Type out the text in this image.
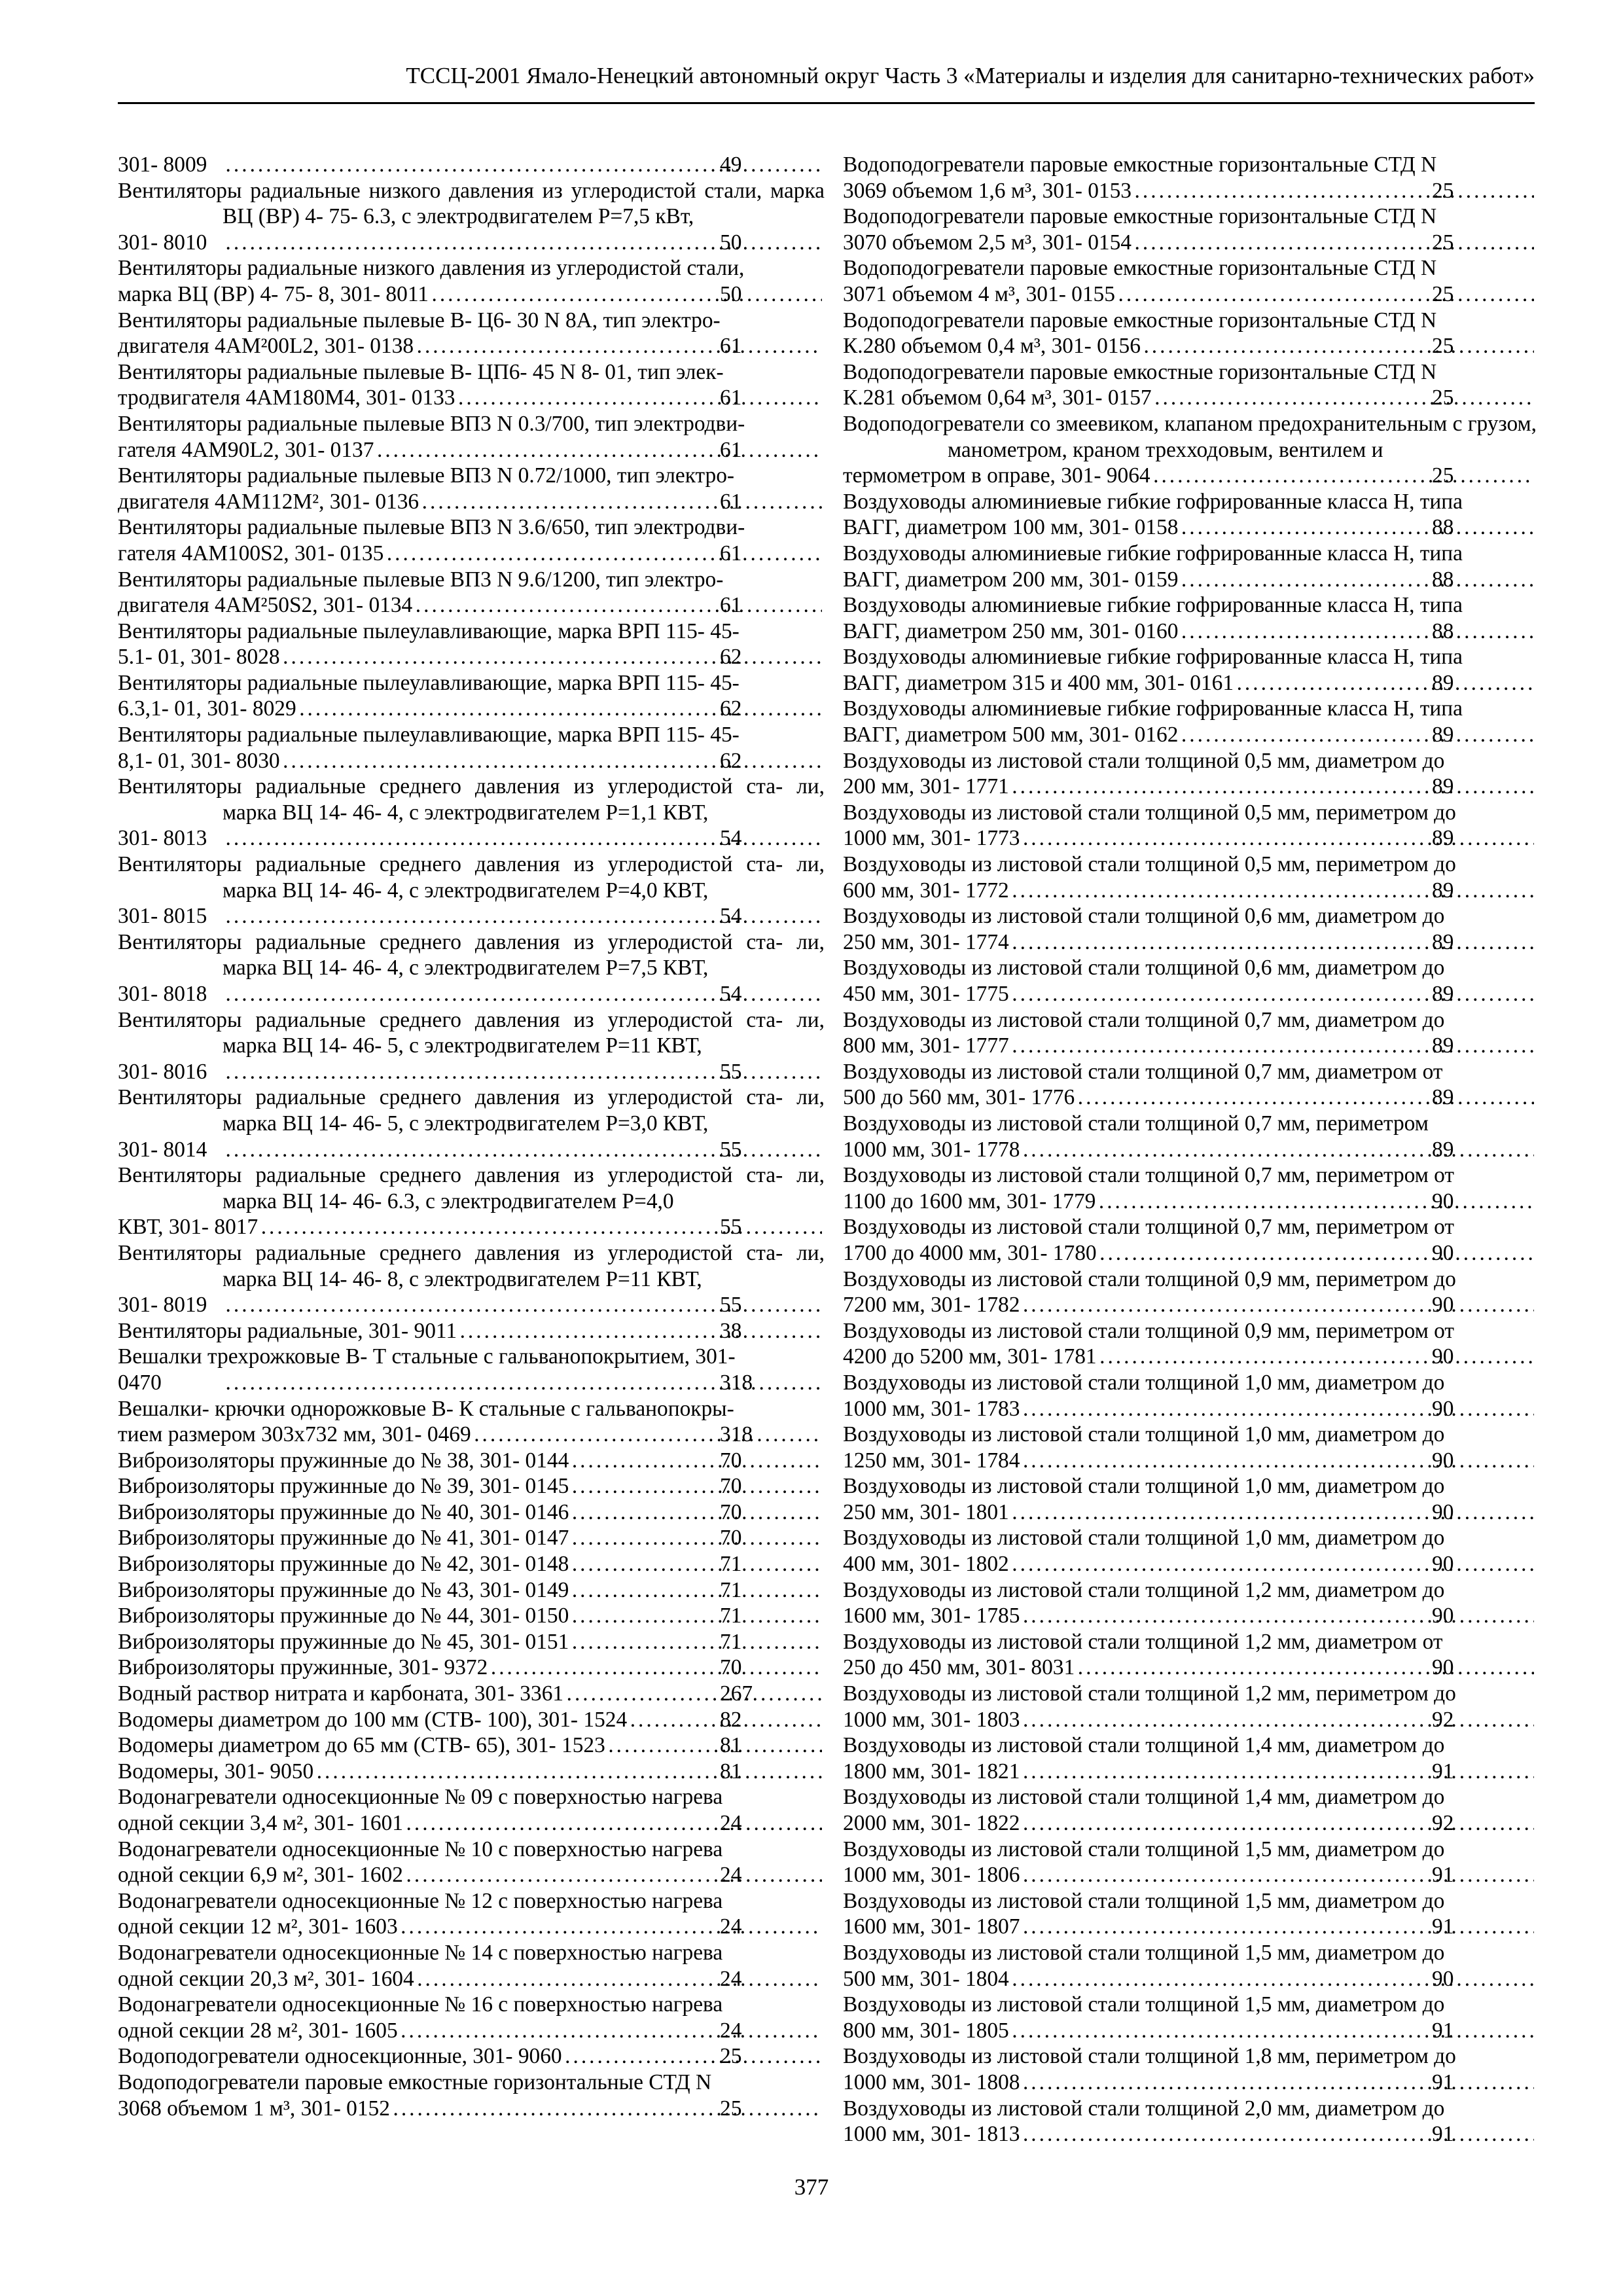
ТССЦ-2001 Ямало-Ненецкий автономный округ Часть 3 «Материалы и изделия для санитарно-технических работ»
301- 8009 .....	49
Вентиляторы радиальные низкого давления из углеродистой стали, марка ВЦ (ВР) 4- 75- 6.3, с электродвигателем Р=7,5 кВт,
301- 8010 .....	50
Вентиляторы радиальные низкого давления из углеродистой стали,
марка ВЦ (ВР) 4- 75- 8, 301- 8011 .....	50
Вентиляторы радиальные пылевые В- Ц6- 30 N 8А, тип электро-
двигателя 4АМ²00L2, 301- 0138 .....	61
Вентиляторы радиальные пылевые В- ЦП6- 45 N 8- 01, тип элек-
тродвигателя 4АМ180М4, 301- 0133 .....	61
Вентиляторы радиальные пылевые ВП3 N 0.3/700, тип электродви-
гателя 4АМ90L2, 301- 0137 .....	61
Вентиляторы радиальные пылевые ВП3 N 0.72/1000, тип электро-
двигателя 4АМ112М², 301- 0136 .....	61
Вентиляторы радиальные пылевые ВП3 N 3.6/650, тип электродви-
гателя 4АМ100S2, 301- 0135 .....	61
Вентиляторы радиальные пылевые ВП3 N 9.6/1200, тип электро-
двигателя 4АМ²50S2, 301- 0134 .....	61
Вентиляторы радиальные пылеулавливающие, марка ВРП 115- 45-
5.1- 01, 301- 8028 .....	62
Вентиляторы радиальные пылеулавливающие, марка ВРП 115- 45-
6.3,1- 01, 301- 8029 .....	62
Вентиляторы радиальные пылеулавливающие, марка ВРП 115- 45-
8,1- 01, 301- 8030 .....	62
Вентиляторы радиальные среднего давления из углеродистой ста- ли, марка ВЦ 14- 46- 4, с электродвигателем Р=1,1 КВТ,
301- 8013 .....	54
Вентиляторы радиальные среднего давления из углеродистой ста- ли, марка ВЦ 14- 46- 4, с электродвигателем Р=4,0 КВТ,
301- 8015 .....	54
Вентиляторы радиальные среднего давления из углеродистой ста- ли, марка ВЦ 14- 46- 4, с электродвигателем Р=7,5 КВТ,
301- 8018 .....	54
Вентиляторы радиальные среднего давления из углеродистой ста- ли, марка ВЦ 14- 46- 5, с электродвигателем Р=11 КВТ,
301- 8016 .....	55
Вентиляторы радиальные среднего давления из углеродистой ста- ли, марка ВЦ 14- 46- 5, с электродвигателем Р=3,0 КВТ,
301- 8014 .....	55
Вентиляторы радиальные среднего давления из углеродистой ста- ли, марка ВЦ 14- 46- 6.3, с электродвигателем Р=4,0
КВТ, 301- 8017 .....	55
Вентиляторы радиальные среднего давления из углеродистой ста- ли, марка ВЦ 14- 46- 8, с электродвигателем Р=11 КВТ,
301- 8019 .....	55
Вентиляторы радиальные, 301- 9011 .....	38
Вешалки трехрожковые В- Т стальные с гальванопокрытием, 301-
0470 .....	318
Вешалки- крючки однорожковые В- К стальные с гальванопокры-
тием размером 303х732 мм, 301- 0469 .....	318
Виброизоляторы пружинные до № 38, 301- 0144 .....	70
Виброизоляторы пружинные до № 39, 301- 0145 .....	70
Виброизоляторы пружинные до № 40, 301- 0146 .....	70
Виброизоляторы пружинные до № 41, 301- 0147 .....	70
Виброизоляторы пружинные до № 42, 301- 0148 .....	71
Виброизоляторы пружинные до № 43, 301- 0149 .....	71
Виброизоляторы пружинные до № 44, 301- 0150 .....	71
Виброизоляторы пружинные до № 45, 301- 0151 .....	71
Виброизоляторы пружинные, 301- 9372 .....	70
Водный раствор нитрата и карбоната, 301- 3361 .....	267
Водомеры диаметром до 100 мм (СТВ- 100), 301- 1524 .....	82
Водомеры диаметром до 65 мм (СТВ- 65), 301- 1523 .....	81
Водомеры, 301- 9050 .....	81
Водонагреватели односекционные № 09 с поверхностью нагрева
одной секции 3,4 м², 301- 1601 .....	24
Водонагреватели односекционные № 10 с поверхностью нагрева
одной секции 6,9 м², 301- 1602 .....	24
Водонагреватели односекционные № 12 с поверхностью нагрева
одной секции 12 м², 301- 1603 .....	24
Водонагреватели односекционные № 14 с поверхностью нагрева
одной секции 20,3 м², 301- 1604 .....	24
Водонагреватели односекционные № 16 с поверхностью нагрева
одной секции 28 м², 301- 1605 .....	24
Водоподогреватели односекционные, 301- 9060 .....	25
Водоподогреватели паровые емкостные горизонтальные СТД N
3068 объемом 1 м³, 301- 0152 .....	25
Водоподогреватели паровые емкостные горизонтальные СТД N
3069 объемом 1,6 м³, 301- 0153 .....	25
Водоподогреватели паровые емкостные горизонтальные СТД N
3070 объемом 2,5 м³, 301- 0154 .....	25
Водоподогреватели паровые емкостные горизонтальные СТД N
3071 объемом 4 м³, 301- 0155 .....	25
Водоподогреватели паровые емкостные горизонтальные СТД N
К.280 объемом 0,4 м³, 301- 0156 .....	25
Водоподогреватели паровые емкостные горизонтальные СТД N
К.281 объемом 0,64 м³, 301- 0157 .....	25
Водоподогреватели со змеевиком, клапаном предохранительным с грузом, манометром, краном трехходовым, вентилем и
термометром в оправе, 301- 9064 .....	25
Воздуховоды алюминиевые гибкие гофрированные класса Н, типа
ВАГГ, диаметром 100 мм, 301- 0158 .....	88
Воздуховоды алюминиевые гибкие гофрированные класса Н, типа
ВАГГ, диаметром 200 мм, 301- 0159 .....	88
Воздуховоды алюминиевые гибкие гофрированные класса Н, типа
ВАГГ, диаметром 250 мм, 301- 0160 .....	88
Воздуховоды алюминиевые гибкие гофрированные класса Н, типа
ВАГГ, диаметром 315 и 400 мм, 301- 0161 .....	89
Воздуховоды алюминиевые гибкие гофрированные класса Н, типа
ВАГГ, диаметром 500 мм, 301- 0162 .....	89
Воздуховоды из листовой стали толщиной 0,5 мм, диаметром до
200 мм, 301- 1771 .....	89
Воздуховоды из листовой стали толщиной 0,5 мм, периметром до
1000 мм, 301- 1773 .....	89
Воздуховоды из листовой стали толщиной 0,5 мм, периметром до
600 мм, 301- 1772 .....	89
Воздуховоды из листовой стали толщиной 0,6 мм, диаметром до
250 мм, 301- 1774 .....	89
Воздуховоды из листовой стали толщиной 0,6 мм, диаметром до
450 мм, 301- 1775 .....	89
Воздуховоды из листовой стали толщиной 0,7 мм, диаметром до
800 мм, 301- 1777 .....	89
Воздуховоды из листовой стали толщиной 0,7 мм, диаметром от
500 до 560 мм, 301- 1776 .....	89
Воздуховоды из листовой стали толщиной 0,7 мм, периметром
1000 мм, 301- 1778 .....	89
Воздуховоды из листовой стали толщиной 0,7 мм, периметром от
1100 до 1600 мм, 301- 1779 .....	90
Воздуховоды из листовой стали толщиной 0,7 мм, периметром от
1700 до 4000 мм, 301- 1780 .....	90
Воздуховоды из листовой стали толщиной 0,9 мм, периметром до
7200 мм, 301- 1782 .....	90
Воздуховоды из листовой стали толщиной 0,9 мм, периметром от
4200 до 5200 мм, 301- 1781 .....	90
Воздуховоды из листовой стали толщиной 1,0 мм, диаметром до
1000 мм, 301- 1783 .....	90
Воздуховоды из листовой стали толщиной 1,0 мм, диаметром до
1250 мм, 301- 1784 .....	90
Воздуховоды из листовой стали толщиной 1,0 мм, диаметром до
250 мм, 301- 1801 .....	90
Воздуховоды из листовой стали толщиной 1,0 мм, диаметром до
400 мм, 301- 1802 .....	90
Воздуховоды из листовой стали толщиной 1,2 мм, диаметром до
1600 мм, 301- 1785 .....	90
Воздуховоды из листовой стали толщиной 1,2 мм, диаметром от
250 до 450 мм, 301- 8031 .....	90
Воздуховоды из листовой стали толщиной 1,2 мм, периметром до
1000 мм, 301- 1803 .....	92
Воздуховоды из листовой стали толщиной 1,4 мм, диаметром до
1800 мм, 301- 1821 .....	91
Воздуховоды из листовой стали толщиной 1,4 мм, диаметром до
2000 мм, 301- 1822 .....	92
Воздуховоды из листовой стали толщиной 1,5 мм, диаметром до
1000 мм, 301- 1806 .....	91
Воздуховоды из листовой стали толщиной 1,5 мм, диаметром до
1600 мм, 301- 1807 .....	91
Воздуховоды из листовой стали толщиной 1,5 мм, диаметром до
500 мм, 301- 1804 .....	90
Воздуховоды из листовой стали толщиной 1,5 мм, диаметром до
800 мм, 301- 1805 .....	91
Воздуховоды из листовой стали толщиной 1,8 мм, периметром до
1000 мм, 301- 1808 .....	91
Воздуховоды из листовой стали толщиной 2,0 мм, диаметром до
1000 мм, 301- 1813 .....	91
377
